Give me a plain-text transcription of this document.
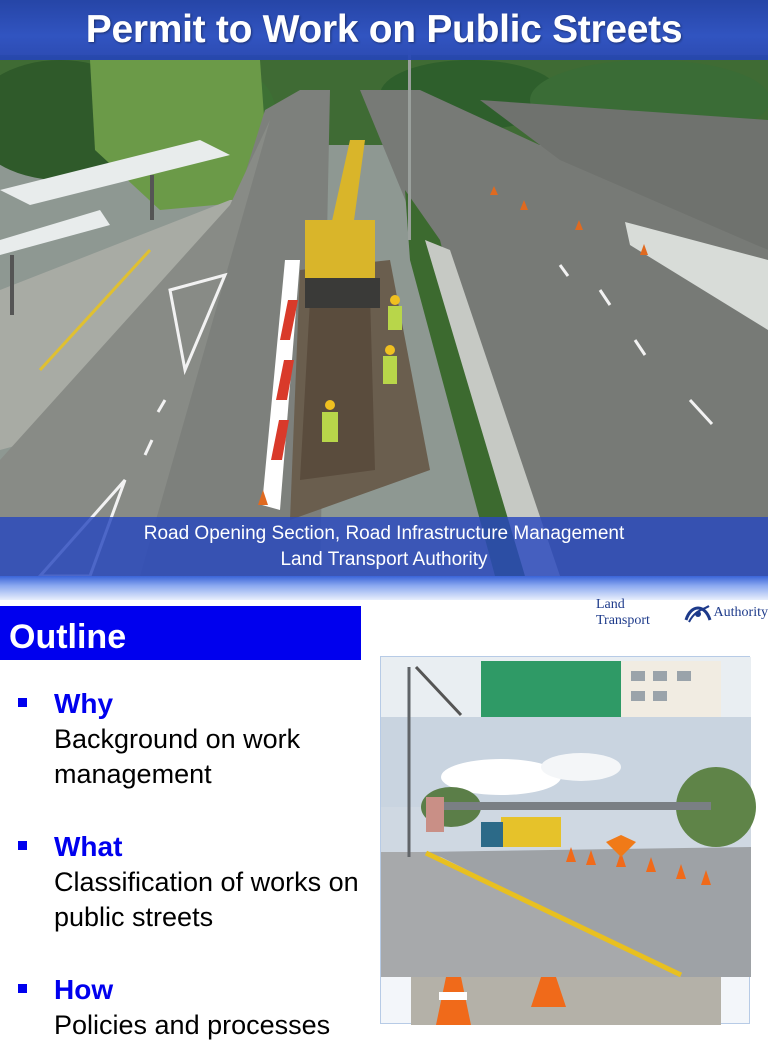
Permit to Work on Public Streets
Road Opening Section, Road Infrastructure Management
Land Transport Authority
Outline
Land Transport
Authority
Why
Background on work management
What
Classification of works on public streets
How
Policies and processes
